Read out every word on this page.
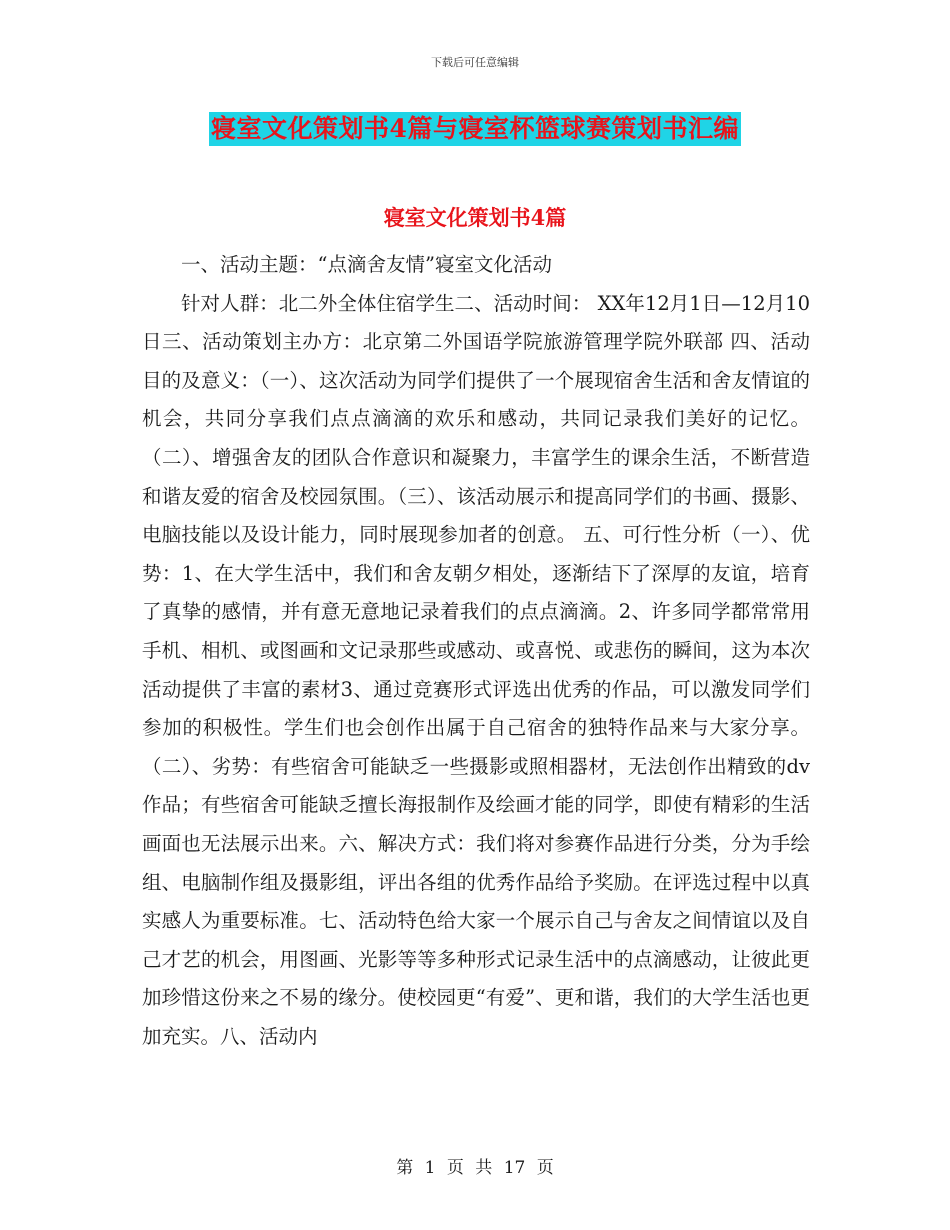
下载后可任意编辑
寝室文化策划书4篇与寝室杯篮球赛策划书汇编
寝室文化策划书4篇

一、活动主题：“点滴舍友情”寝室文化活动

针对人群：北二外全体住宿学生二、活动时间： XX年12月1日—12月10日三、活动策划主办方：北京第二外国语学院旅游管理学院外联部 四、活动目的及意义：（一）、这次活动为同学们提供了一个展现宿舍生活和舍友情谊的机会，共同分享我们点点滴滴的欢乐和感动，共同记录我们美好的记忆。（二）、增强舍友的团队合作意识和凝聚力，丰富学生的课余生活，不断营造和谐友爱的宿舍及校园氛围。（三）、该活动展示和提高同学们的书画、摄影、电脑技能以及设计能力，同时展现参加者的创意。 五、可行性分析（一）、优势：1、在大学生活中，我们和舍友朝夕相处，逐渐结下了深厚的友谊，培育了真挚的感情，并有意无意地记录着我们的点点滴滴。2、许多同学都常常用手机、相机、或图画和文记录那些或感动、或喜悦、或悲伤的瞬间，这为本次活动提供了丰富的素材3、通过竞赛形式评选出优秀的作品，可以激发同学们参加的积极性。学生们也会创作出属于自己宿舍的独特作品来与大家分享。（二）、劣势：有些宿舍可能缺乏一些摄影或照相器材，无法创作出精致的dv作品；有些宿舍可能缺乏擅长海报制作及绘画才能的同学，即使有精彩的生活画面也无法展示出来。六、解决方式：我们将对参赛作品进行分类，分为手绘组、电脑制作组及摄影组，评出各组的优秀作品给予奖励。在评选过程中以真实感人为重要标准。七、活动特色给大家一个展示自己与舍友之间情谊以及自己才艺的机会，用图画、光影等等多种形式记录生活中的点滴感动，让彼此更加珍惜这份来之不易的缘分。使校园更“有爱”、更和谐，我们的大学生活也更加充实。八、活动内

第 1 页 共 17 页
